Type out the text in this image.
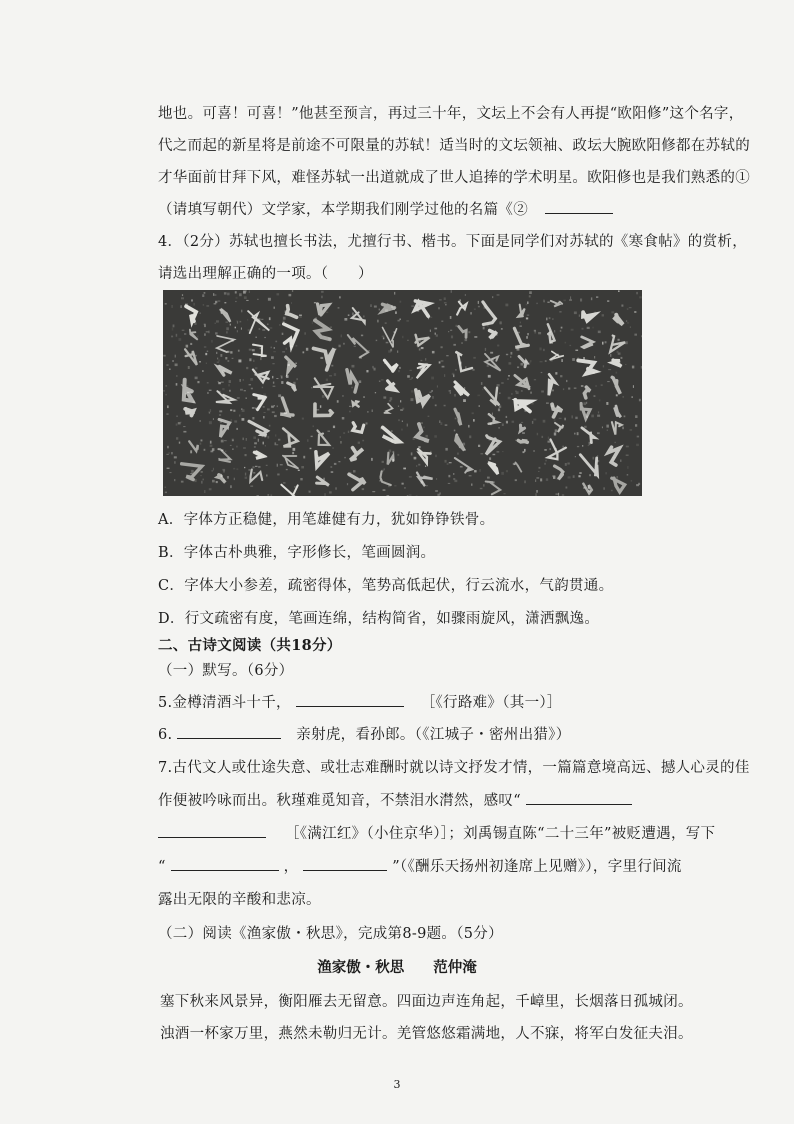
地也。可喜！可喜！”他甚至预言，再过三十年，文坛上不会有人再提“欧阳修”这个名字，
代之而起的新星将是前途不可限量的苏轼！适当时的文坛领袖、政坛大腕欧阳修都在苏轼的
才华面前甘拜下风，难怪苏轼一出道就成了世人追捧的学术明星。欧阳修也是我们熟悉的①
（请填写朝代）文学家，本学期我们刚学过他的名篇《②
4．（2分）苏轼也擅长书法，尤擅行书、楷书。下面是同学们对苏轼的《寒食帖》的赏析，
请选出理解正确的一项。（　　）
A．字体方正稳健，用笔雄健有力，犹如铮铮铁骨。
B．字体古朴典雅，字形修长，笔画圆润。
C．字体大小参差，疏密得体，笔势高低起伏，行云流水，气韵贯通。
D．行文疏密有度，笔画连绵，结构简省，如骤雨旋风，潇洒飘逸。
二、古诗文阅读（共18分）
（一）默写。（6分）
5.金樽清酒斗十千，	［《行路难》（其一）］
6.	亲射虎，看孙郎。（《江城子・密州出猎》）
7.古代文人或仕途失意、或壮志难酬时就以诗文抒发才情，一篇篇意境高远、撼人心灵的佳
作便被吟咏而出。秋瑾难觅知音，不禁泪水潸然，感叹“
［《满江红》（小住京华）］；刘禹锡直陈“二十三年”被贬遭遇，写下
“	，	”（《酬乐天扬州初逢席上见赠》），字里行间流
露出无限的辛酸和悲凉。
（二）阅读《渔家傲・秋思》，完成第8-9题。（5分）
渔家傲・秋思　　范仲淹
塞下秋来风景异，衡阳雁去无留意。四面边声连角起，千嶂里，长烟落日孤城闭。
浊酒一杯家万里，燕然未勒归无计。羌管悠悠霜满地，人不寐，将军白发征夫泪。
3
